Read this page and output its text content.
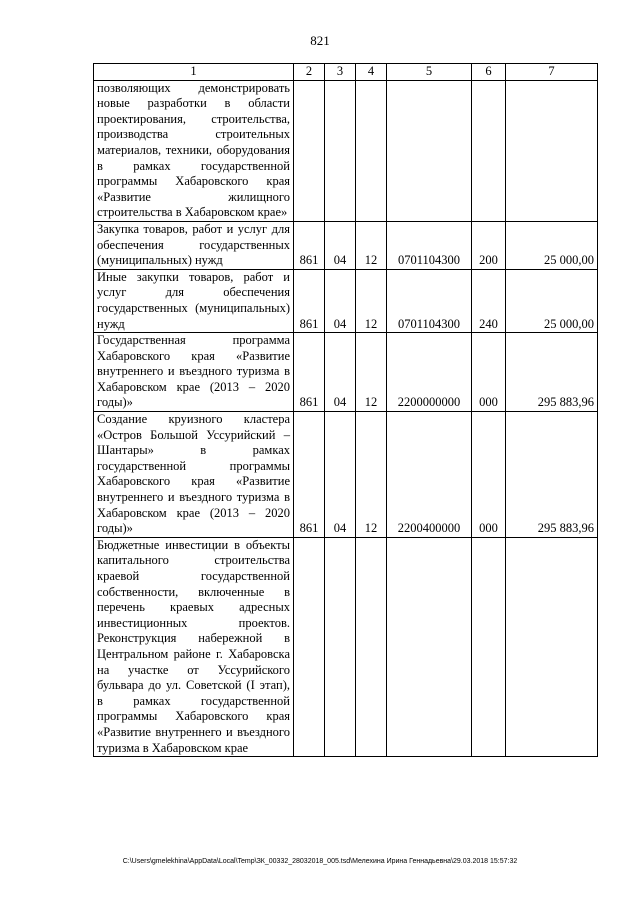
821
1	2	3	4	5	6	7
позволяющих демонстрировать новые разработки в области проектирования, строительства, производства строительных материалов, техники, оборудования в рамках государственной программы Хабаровского края «Развитие жилищного строительства в Хабаровском крае»						
Закупка товаров, работ и услуг для обеспечения государственных (муниципальных) нужд	861	04	12	0701104300	200	25 000,00
Иные закупки товаров, работ и услуг для обеспечения государственных (муниципальных) нужд	861	04	12	0701104300	240	25 000,00
Государственная программа Хабаровского края «Развитие внутреннего и въездного туризма в Хабаровском крае (2013 – 2020 годы)»	861	04	12	2200000000	000	295 883,96
Создание круизного кластера «Остров Большой Уссурийский – Шантары» в рамках государственной программы Хабаровского края «Развитие внутреннего и въездного туризма в Хабаровском крае (2013 – 2020 годы)»	861	04	12	2200400000	000	295 883,96
Бюджетные инвестиции в объекты капитального строительства краевой государственной собственности, включенные в перечень краевых адресных инвестиционных проектов. Реконструкция набережной в Центральном районе г. Хабаровска на участке от Уссурийского бульвара до ул. Советской (I этап), в рамках государственной программы Хабаровского края «Развитие внутреннего и въездного туризма в Хабаровском крае						
C:\Users\gmelekhina\AppData\Local\Temp\ЗК_00332_28032018_005.tsd\Мелехина Ирина Геннадьевна\29.03.2018 15:57:32
